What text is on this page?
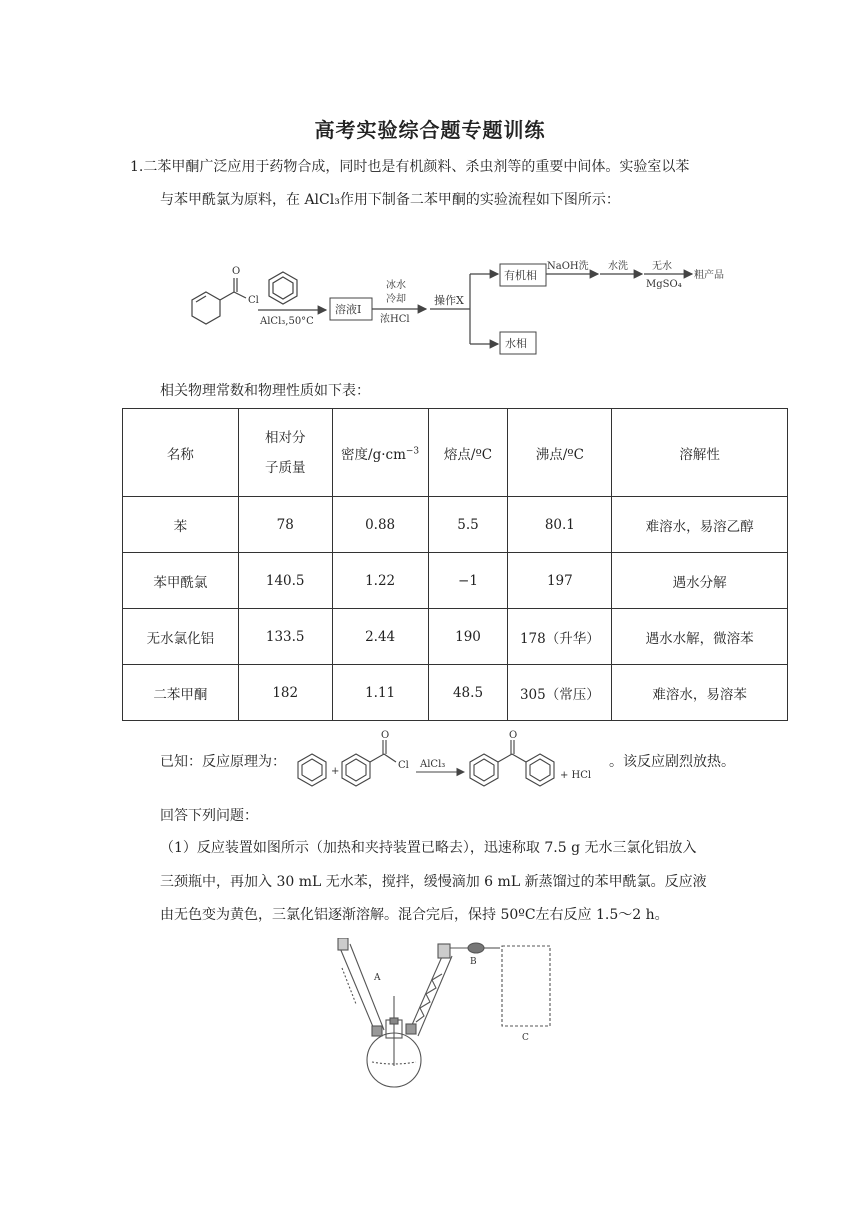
高考实验综合题专题训练
1.二苯甲酮广泛应用于药物合成，同时也是有机颜料、杀虫剂等的重要中间体。实验室以苯
与苯甲酰氯为原料，在 AlCl₃作用下制备二苯甲酮的实验流程如下图所示：
O
Cl
AlCl₃,50°C
溶液Ⅰ
冰水
冷却
浓HCl
操作X
有机相
水相
NaOH洗 水洗 无水
MgSO₄
粗产品
相关物理常数和物理性质如下表：
名称	相对分
子质量	密度$/g\cdot cm^{-3}$	熔点/ºC	沸点/ºC	溶解性
苯	78	0.88	5.5	80.1	难溶水，易溶乙醇
苯甲酰氯	140.5	1.22	−1	197	遇水分解
无水氯化铝	133.5	2.44	190	178（升华）	遇水水解，微溶苯
二苯甲酮	182	1.11	48.5	305（常压）	难溶水，易溶苯
已知：反应原理为：
+
O
Cl AlCl₃
O
+ HCl
。该反应剧烈放热。
回答下列问题：
（1）反应装置如图所示（加热和夹持装置已略去），迅速称取 7.5 g 无水三氯化铝放入
三颈瓶中，再加入 30 mL 无水苯，搅拌，缓慢滴加 6 mL 新蒸馏过的苯甲酰氯。反应液
由无色变为黄色，三氯化铝逐渐溶解。混合完后，保持 50ºC左右反应 1.5～2 h。
A
B
C
